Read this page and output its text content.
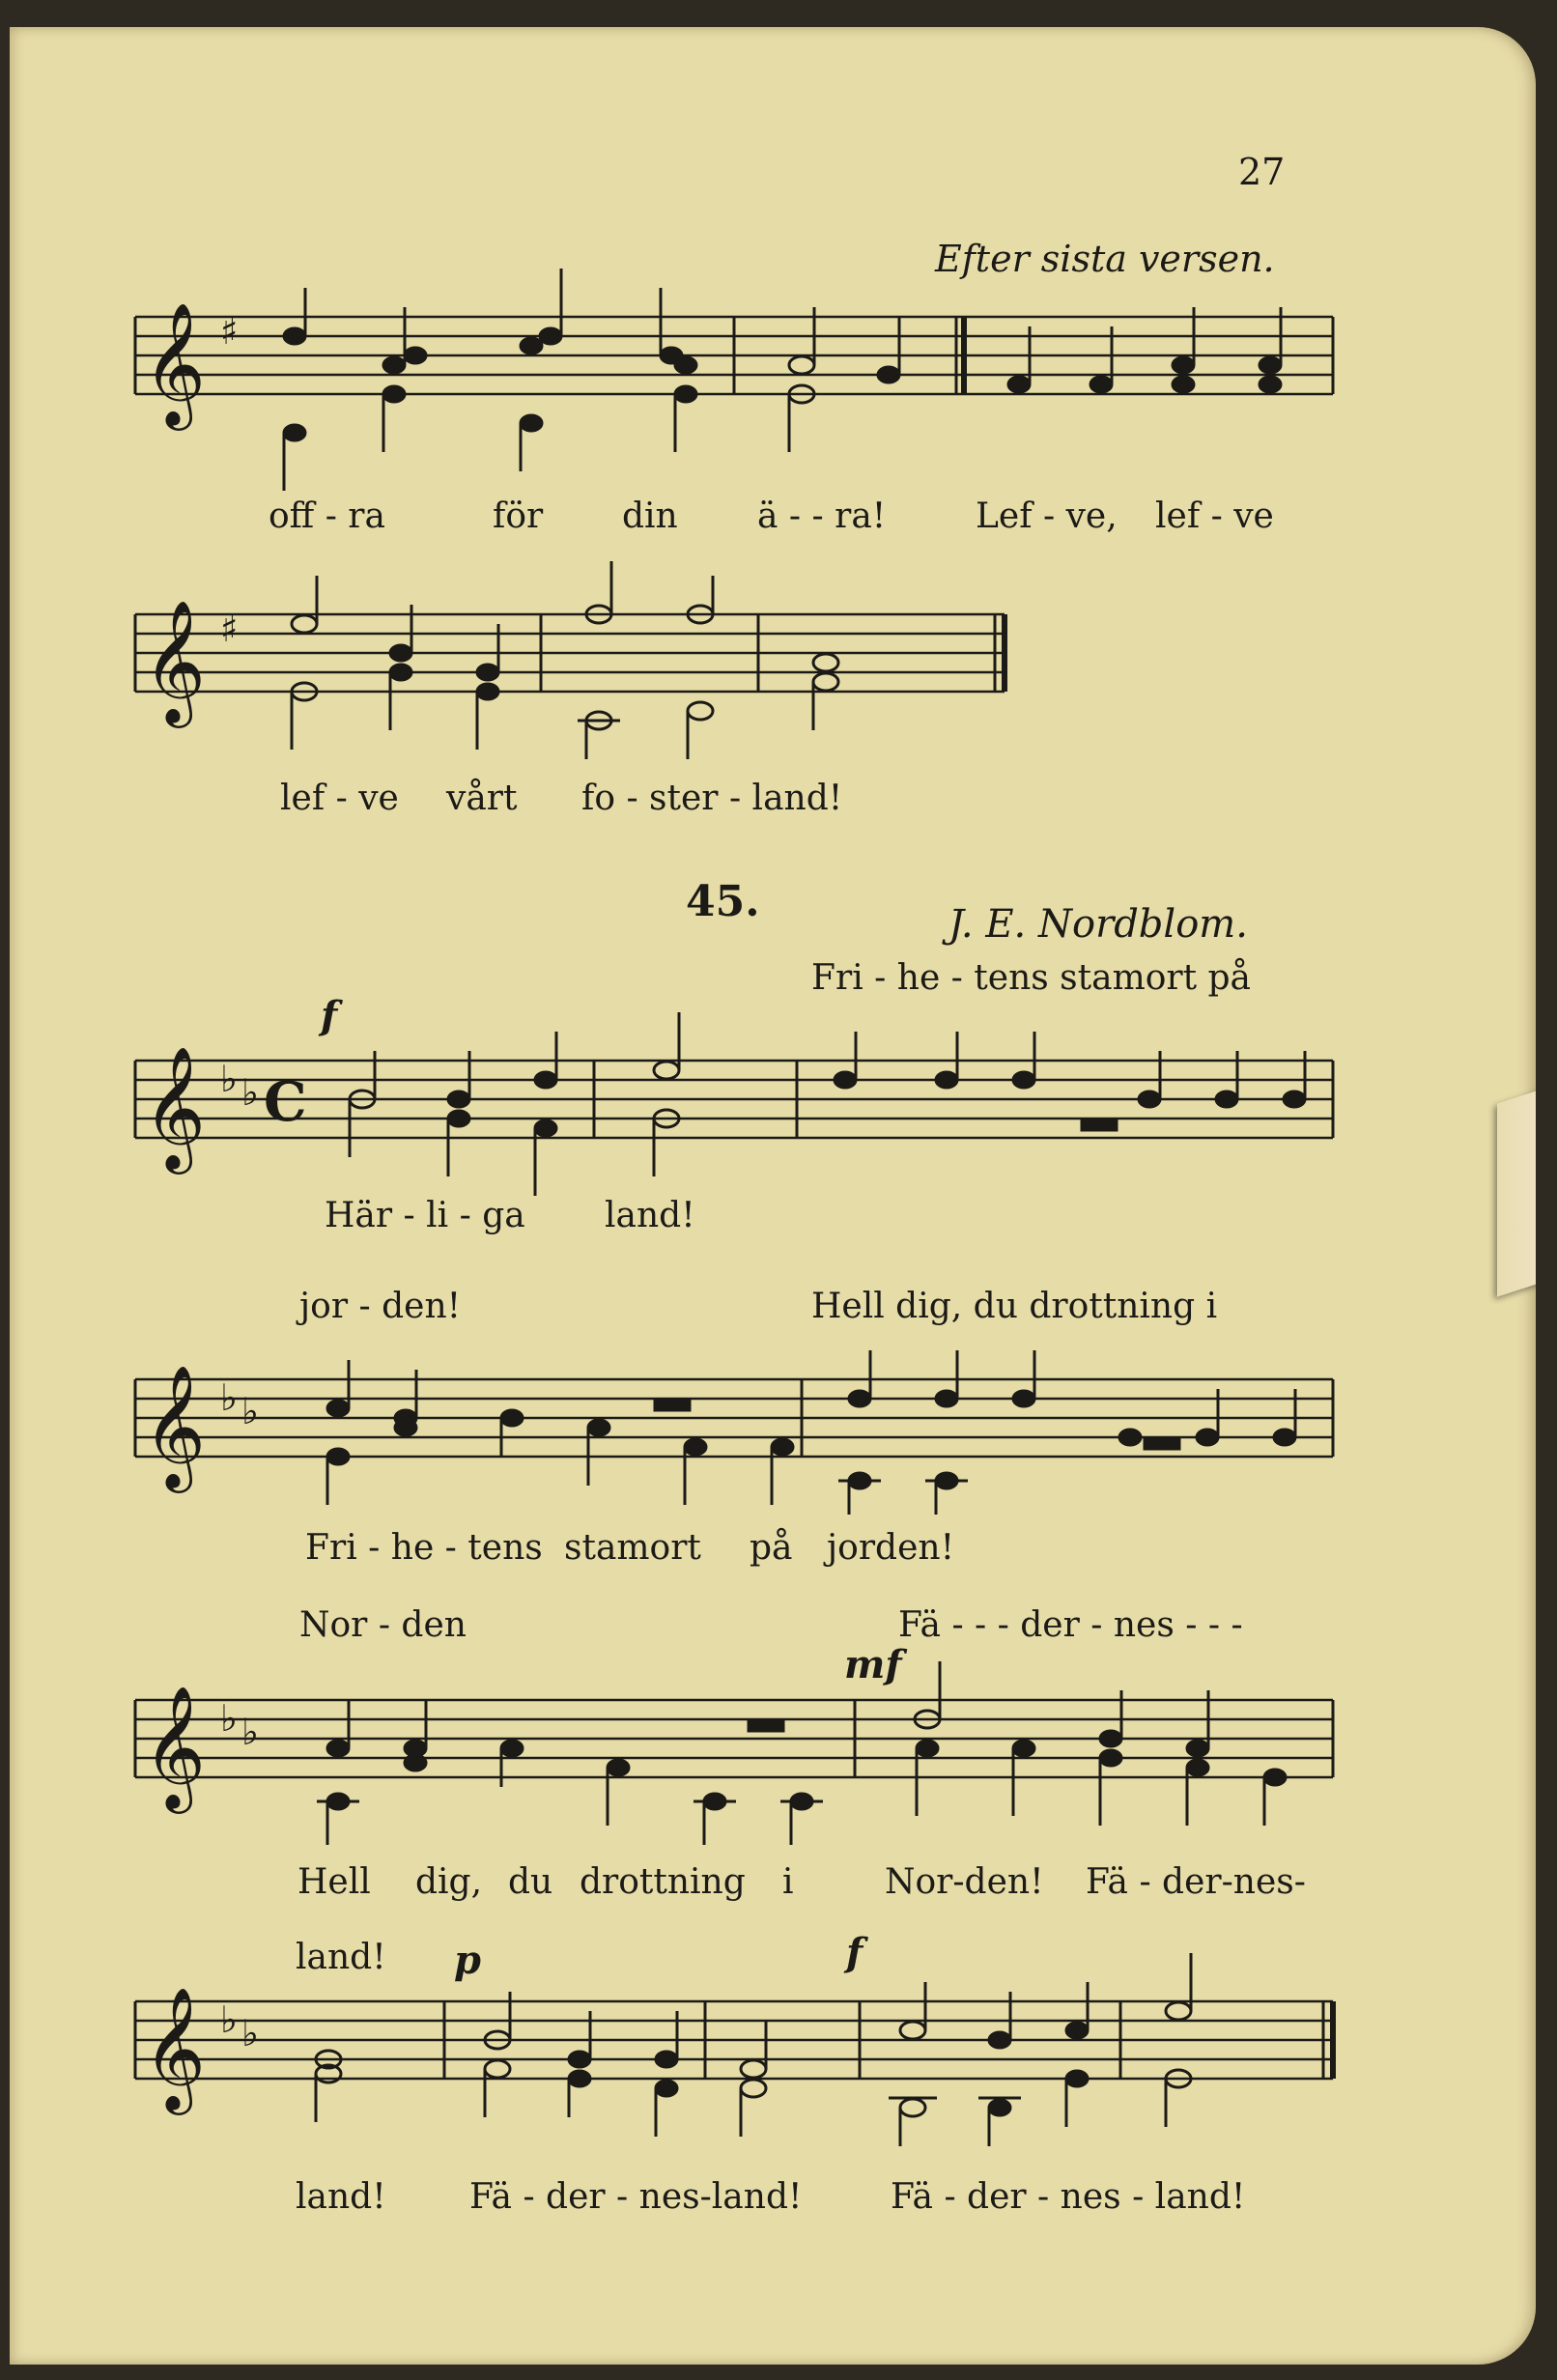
27
Efter sista versen.
𝄞 ♯
off - ra	för din ä - - ra!	Lef - ve, lef - ve
𝄞 ♯
lef - ve vårt fo - ster - land!
45.	J. E. Nordblom.
Fri - he - tens stamort på
f
𝄞 ♭ ♭ C
Här - li - ga land!
jor - den!	Hell dig, du drottning i
𝄞 ♭ ♭
Fri - he - tens stamort på jorden!
Nor - den	Fä - - - der - nes - - -
mf
𝄞 ♭ ♭
Hell dig, du drottning i	Nor-den! Fä - der-nes-
land! p	f
𝄞 ♭ ♭
land! Fä - der - nes-land!	Fä - der - nes - land!
